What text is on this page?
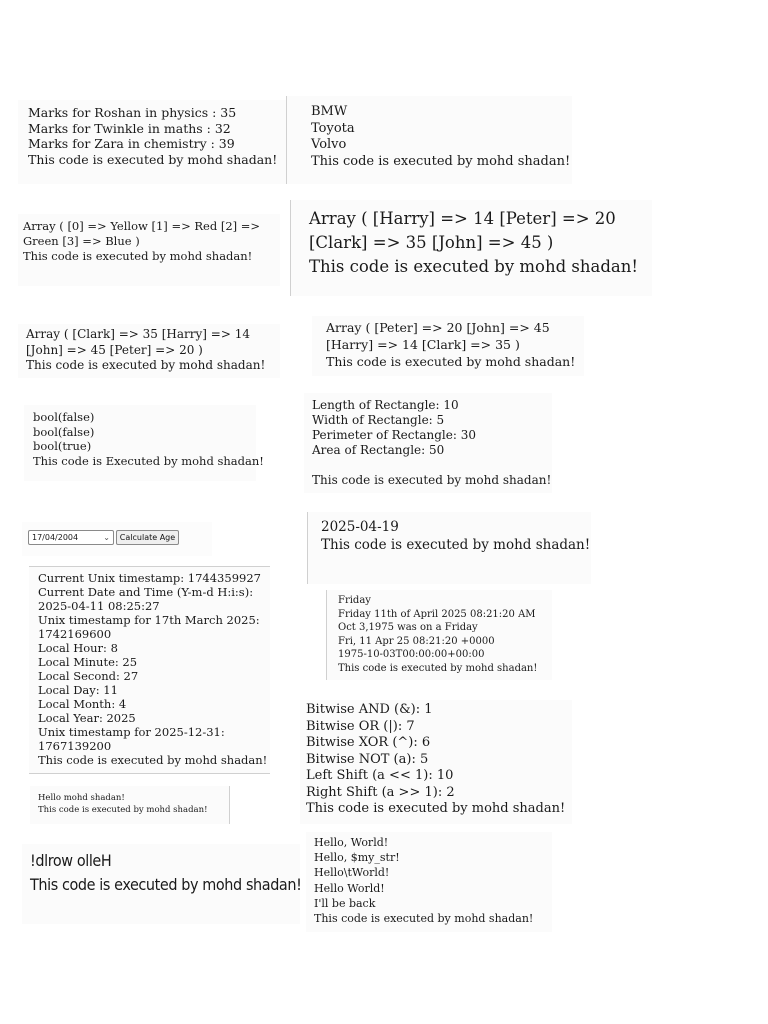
Marks for Roshan in physics : 35
Marks for Twinkle in maths : 32
Marks for Zara in chemistry : 39
This code is executed by mohd shadan!
BMW
Toyota
Volvo
This code is executed by mohd shadan!
Array ( [0] => Yellow [1] => Red [2] =>
Green [3] => Blue )
This code is executed by mohd shadan!
Array ( [Harry] => 14 [Peter] => 20
[Clark] => 35 [John] => 45 )
This code is executed by mohd shadan!
Array ( [Clark] => 35 [Harry] => 14
[John] => 45 [Peter] => 20 )
This code is executed by mohd shadan!
Array ( [Peter] => 20 [John] => 45
[Harry] => 14 [Clark] => 35 )
This code is executed by mohd shadan!
bool(false)
bool(false)
bool(true)
This code is Executed by mohd shadan!
Length of Rectangle: 10
Width of Rectangle: 5
Perimeter of Rectangle: 30
Area of Rectangle: 50
This code is executed by mohd shadan!
17/04/2004	⌄	Calculate Age
2025-04-19
This code is executed by mohd shadan!
Current Unix timestamp: 1744359927
Current Date and Time (Y-m-d H:i:s):
2025-04-11 08:25:27
Unix timestamp for 17th March 2025:
1742169600
Local Hour: 8
Local Minute: 25
Local Second: 27
Local Day: 11
Local Month: 4
Local Year: 2025
Unix timestamp for 2025-12-31:
1767139200
This code is executed by mohd shadan!
Friday
Friday 11th of April 2025 08:21:20 AM
Oct 3,1975 was on a Friday
Fri, 11 Apr 25 08:21:20 +0000
1975-10-03T00:00:00+00:00
This code is executed by mohd shadan!
Bitwise AND (&): 1
Bitwise OR (|): 7
Bitwise XOR (^): 6
Bitwise NOT (a): 5
Left Shift (a << 1): 10
Right Shift (a >> 1): 2
This code is executed by mohd shadan!
Hello mohd shadan!
This code is executed by mohd shadan!
!dlrow olleH
This code is executed by mohd shadan!
Hello, World!
Hello, $my_str!
Hello\tWorld!
Hello World!
I'll be back
This code is executed by mohd shadan!
